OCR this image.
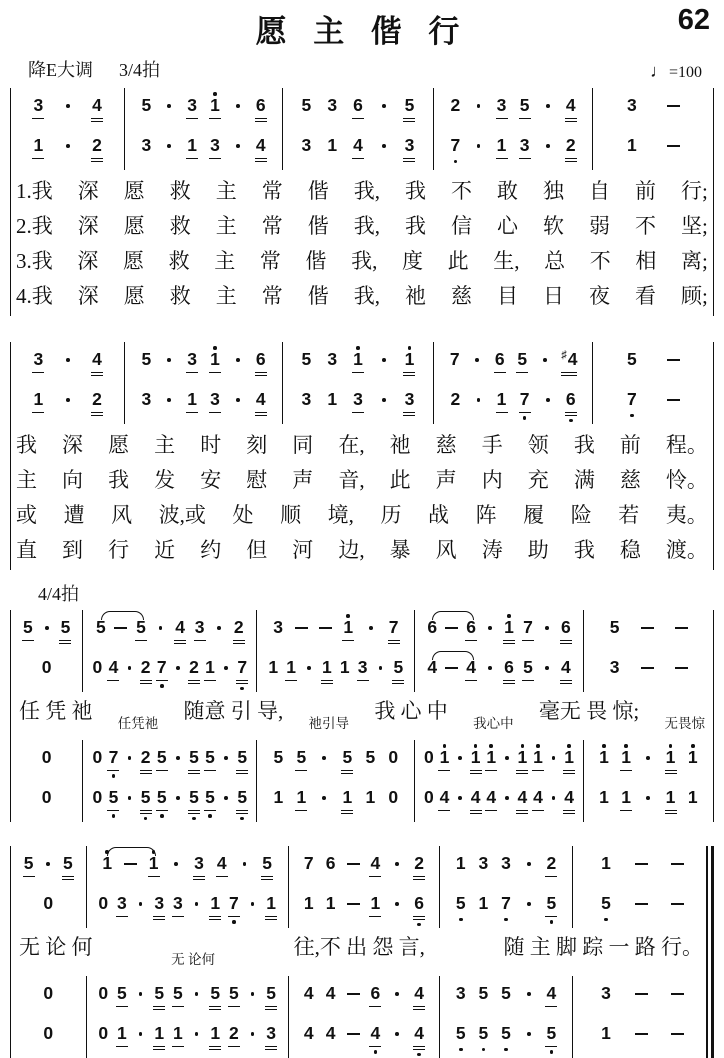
愿 主 偕 行	62
降E大调 3/4拍	♩=100
3	4
1	2
5 3 1 6
3 1 3 4
5 3 6 5
3 1 4 3
2 3 5 4
7 1 3 2
3
1
1.我 深 愿 救 主 常 偕 我, 我 不 敢 独 自 前 行;
2.我 深 愿 救 主 常 偕 我, 我 信 心 软 弱 不 坚;
3.我 深 愿 救 主 常 偕 我, 度 此 生, 总 不 相 离;
4.我 深 愿 救 主 常 偕 我, 祂 慈 目 日 夜 看 顾;
3	4
1	2
5 3 1 6
3 1 3 4
5 3 1 1
3 1 3 3
7 6 5	♯ 4
2 1 7 6
5
7
我 深 愿 主 时 刻 同 在, 祂 慈 手 领 我 前 程。
主 向 我 发 安 慰 声 音, 此 声 内 充 满 慈 怜。
或 遭 风 波,或 处 顺 境, 历 战 阵 履 险 若 夷。
直 到 行 近 约 但 河 边, 暴 风 涛 助 我 稳 渡。
4/4拍
5 5
0
5 5 4 3 2
0 4 2 7 2 1 7
3	1 7
1 1 1 1 3 5
6 6 1 7 6
4 4 6 5 4
5
3
任 凭 祂
任凭祂
随意 引 导,
祂引导
我 心 中
我心中
毫无 畏 惊;
无畏惊
0
0
0 7 2 5 5 5 5
0 5 5 5 5 5 5
5 5 5 5 0
1 1 1 1 0
0 1 1 1 1 1 1
0 4 4 4 4 4 4
1 1 1 1
1 1 1 1
5 5
0
1 1 3 4 5
0 3 3 3 1 7 1
7 6 4 2
1 1 1 6
1 3 3 2
5 1 7 5
1
5
无 论 何
无 论何
往,不 出 怨 言,	随 主 脚 踪 一 路 行。
0
0
0 5 5 5 5 5 5
0 1 1 1 1 2 3
4 4 6 4
4 4 4 4
3 5 5 4
5 5 5 5
3
1
